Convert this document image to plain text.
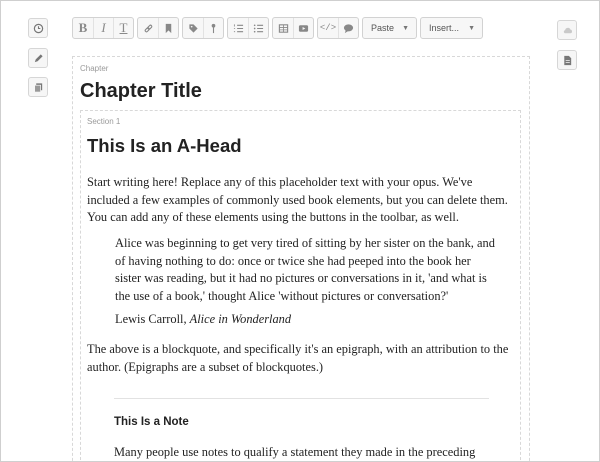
B I T	</>	Paste ▼ Insert... ▼
Chapter
Chapter Title
Section 1
This Is an A-Head

Start writing here! Replace any of this placeholder text with your opus. We've included a few examples of commonly used book elements, but you can delete them. You can add any of these elements using the buttons in the toolbar, as well.

Alice was beginning to get very tired of sitting by her sister on the bank, and of having nothing to do: once or twice she had peeped into the book her sister was reading, but it had no pictures or conversations in it, 'and what is the use of a book,' thought Alice 'without pictures or conversation?'

Lewis Carroll, Alice in Wonderland

The above is a blockquote, and specifically it's an epigraph, with an attribution to the author. (Epigraphs are a subset of blockquotes.)

This Is a Note

Many people use notes to qualify a statement they made in the preceding
